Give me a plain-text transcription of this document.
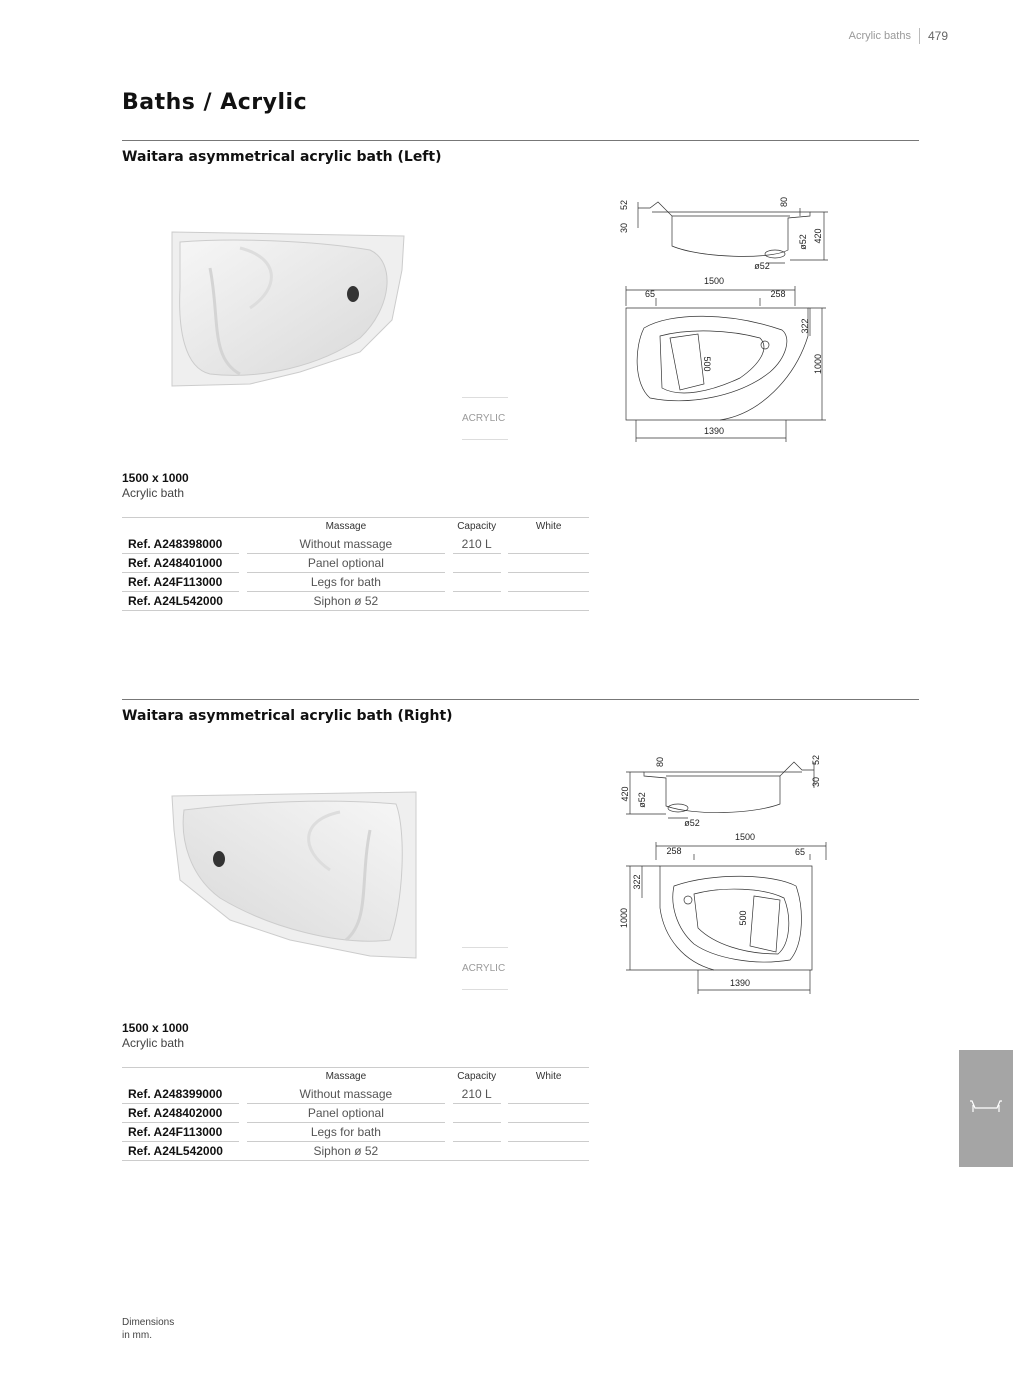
Acrylic baths 479
Baths / Acrylic
Waitara asymmetrical acrylic bath (Left)
ACRYLIC
52
30
80
ø52 420
ø52
1500
65	258
322
500	1000
1390
1500 x 1000
Acrylic bath
		Massage		Capacity		White
Ref. A248398000		Without massage		210 L		
Ref. A248401000		Panel optional				
Ref. A24F113000		Legs for bath				
Ref. A24L542000		Siphon ø 52				
Waitara asymmetrical acrylic bath (Right)
ACRYLIC
52
30
80
420 ø52
ø52
1500
258	65
322
500
1000
1390
1500 x 1000
Acrylic bath
		Massage		Capacity		White
Ref. A248399000		Without massage		210 L		
Ref. A248402000		Panel optional				
Ref. A24F113000		Legs for bath				
Ref. A24L542000		Siphon ø 52				
Dimensions
in mm.
